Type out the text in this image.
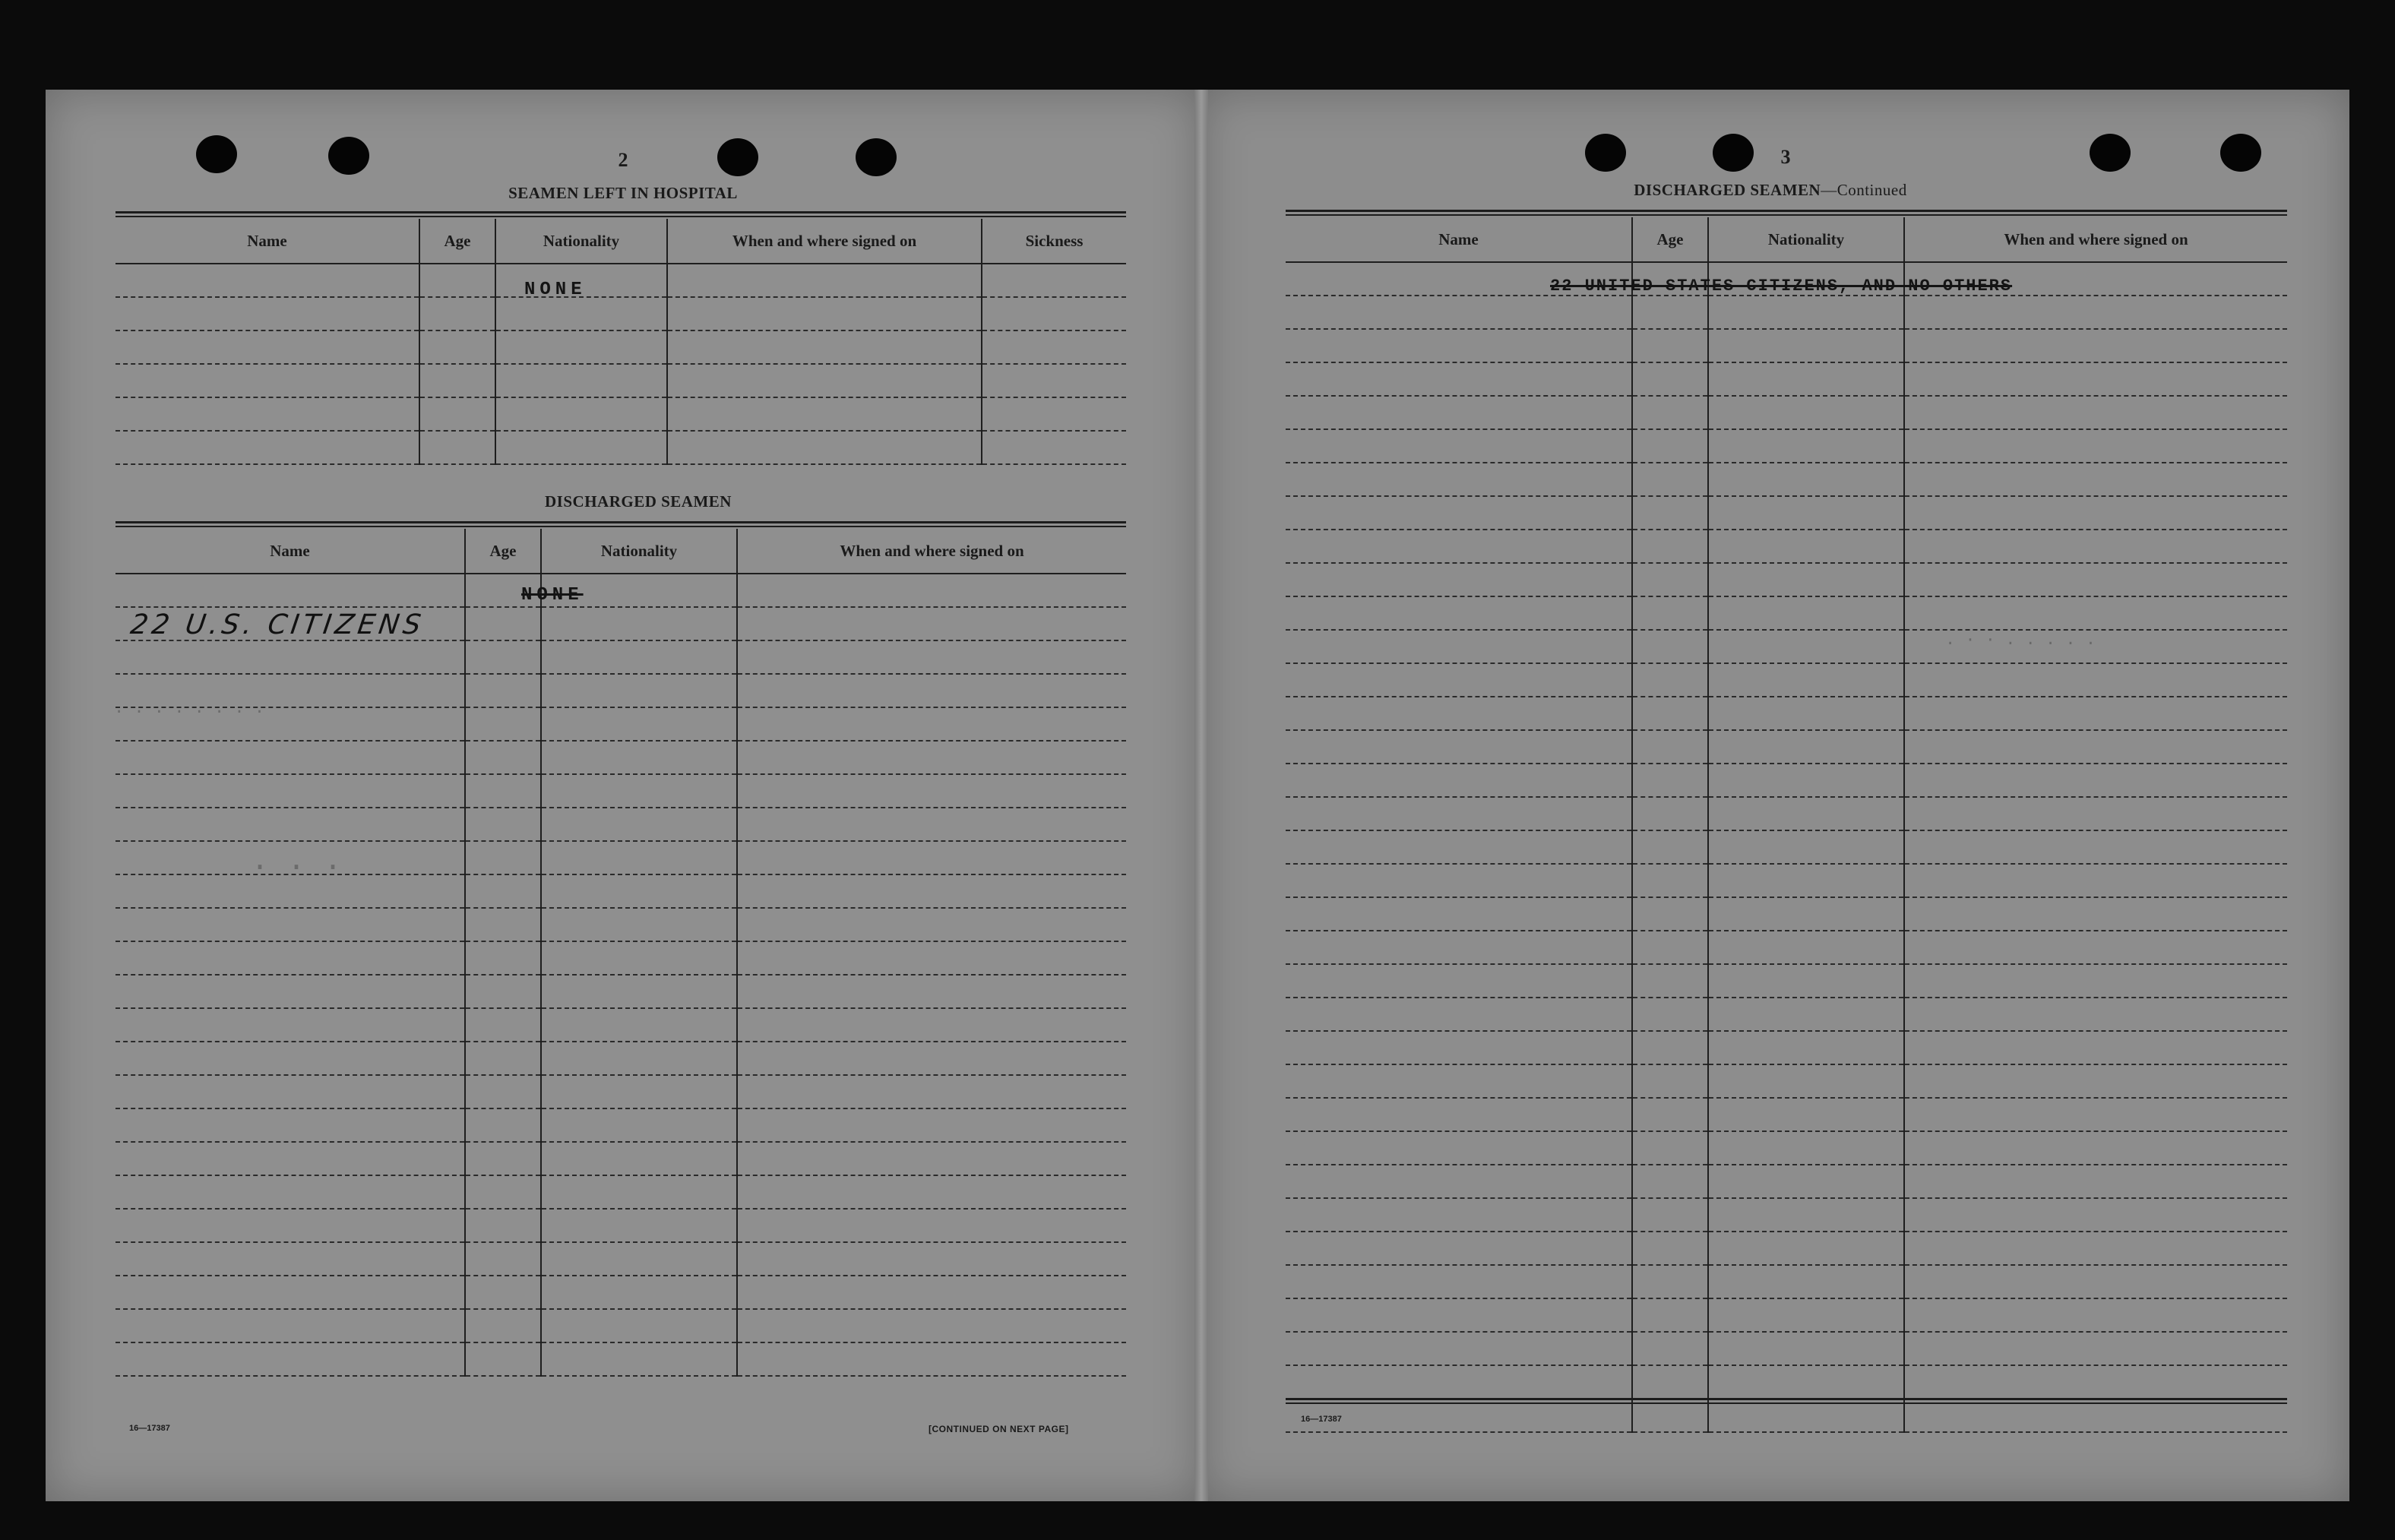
. . . . . . . .
· · ·
. · · . . . . .
2
SEAMEN LEFT IN HOSPITAL
Name	Age	Nationality	When and where signed on	Sickness

NONE
DISCHARGED SEAMEN
Name	Age	Nationality	When and where signed on

NONE
22 U.S. CITIZENS
16—17387	[CONTINUED ON NEXT PAGE]
3
DISCHARGED SEAMEN—Continued
Name	Age	Nationality	When and where signed on

22 UNITED STATES CITIZENS, AND NO OTHERS
16—17387
